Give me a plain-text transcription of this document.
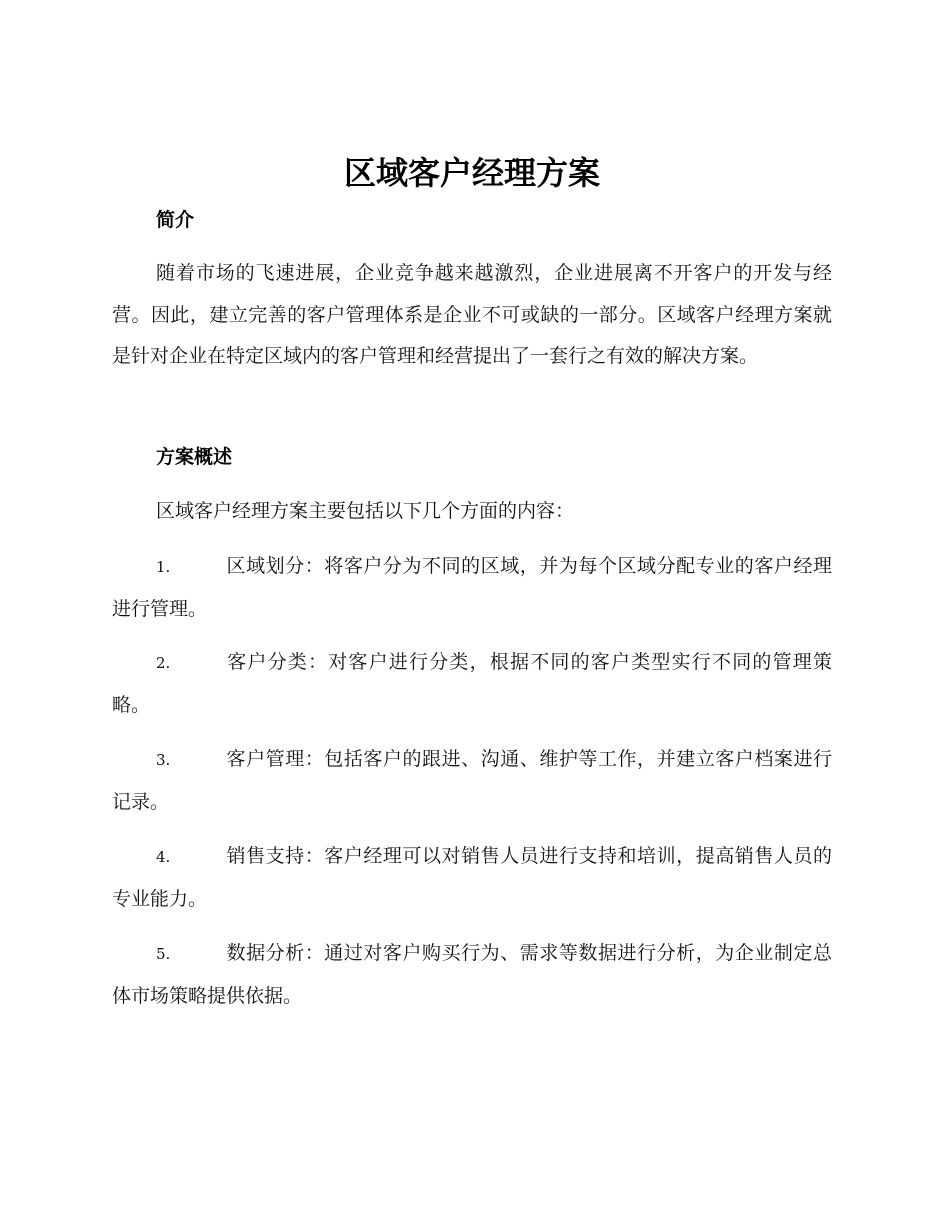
区域客户经理方案
简介

随着市场的飞速进展，企业竞争越来越激烈，企业进展离不开客户的开发与经营。因此，建立完善的客户管理体系是企业不可或缺的一部分。区域客户经理方案就是针对企业在特定区域内的客户管理和经营提出了一套行之有效的解决方案。

方案概述

区域客户经理方案主要包括以下几个方面的内容：

1.	区域划分：将客户分为不同的区域，并为每个区域分配专业的客户经理进行管理。
2.	客户分类：对客户进行分类，根据不同的客户类型实行不同的管理策略。
3.	客户管理：包括客户的跟进、沟通、维护等工作，并建立客户档案进行记录。
4.	销售支持：客户经理可以对销售人员进行支持和培训，提高销售人员的专业能力。
5.	数据分析：通过对客户购买行为、需求等数据进行分析，为企业制定总体市场策略提供依据。
